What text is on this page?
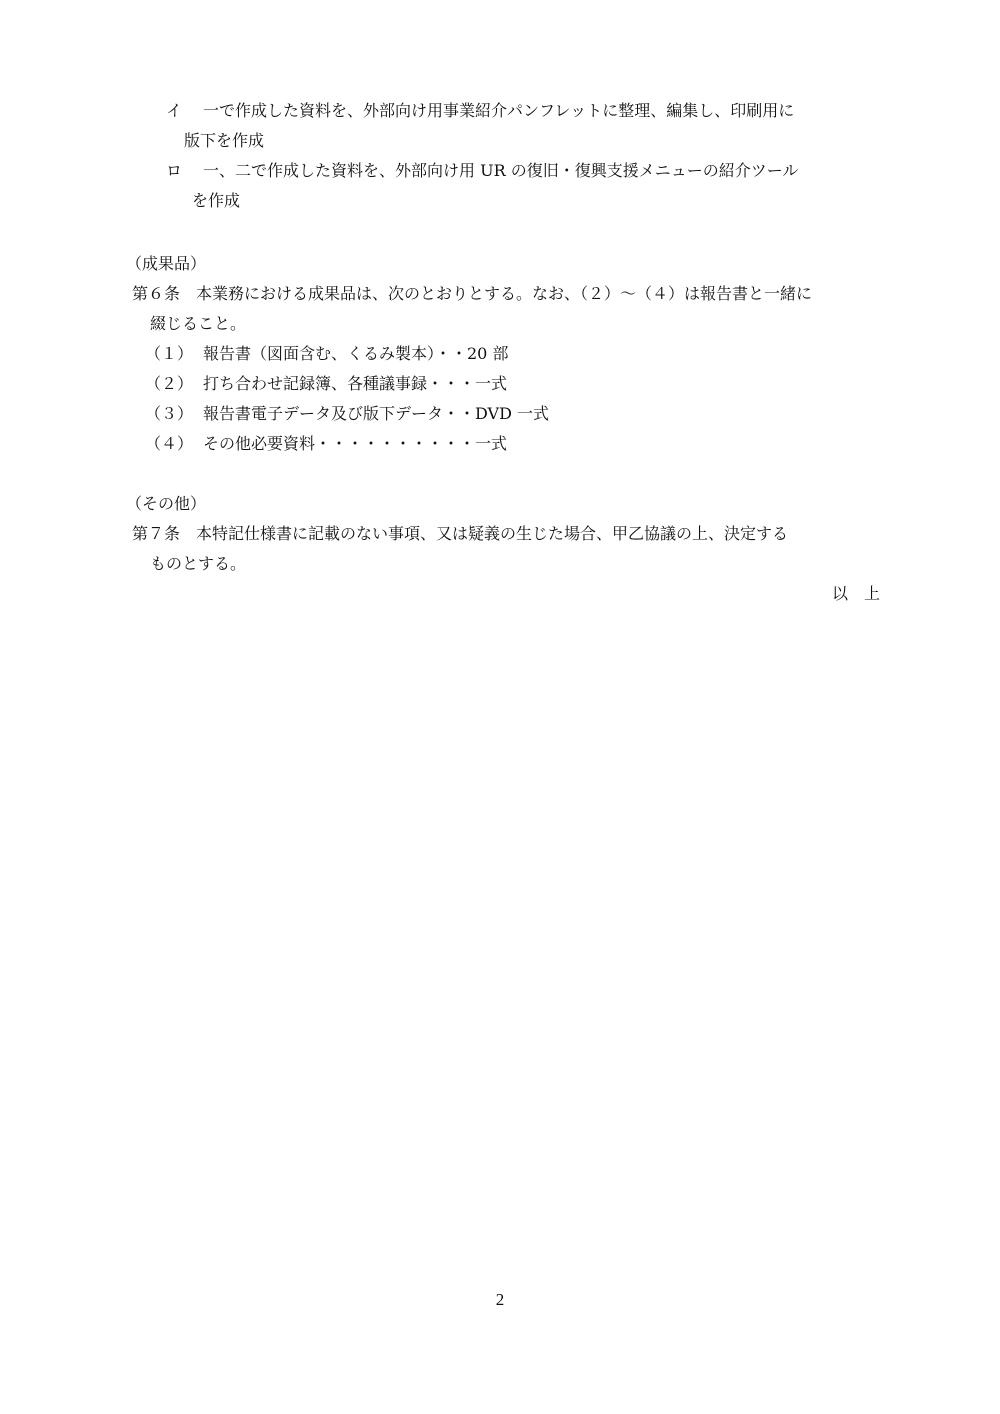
イ 一で作成した資料を、外部向け用事業紹介パンフレットに整理、編集し、印刷用に
版下を作成
ロ 一、二で作成した資料を、外部向け用 UR の復旧・復興支援メニューの紹介ツール
を作成
（成果品）
第６条　本業務における成果品は、次のとおりとする。なお、（２）～（４）は報告書と一緒に
綴じること。
（１） 報告書（図面含む、くるみ製本）・・20 部
（２） 打ち合わせ記録簿、各種議事録・・・一式
（３） 報告書電子データ及び版下データ・・DVD 一式
（４） その他必要資料・・・・・・・・・・一式
（その他）
第７条　本特記仕様書に記載のない事項、又は疑義の生じた場合、甲乙協議の上、決定する
ものとする。
以　上
2
